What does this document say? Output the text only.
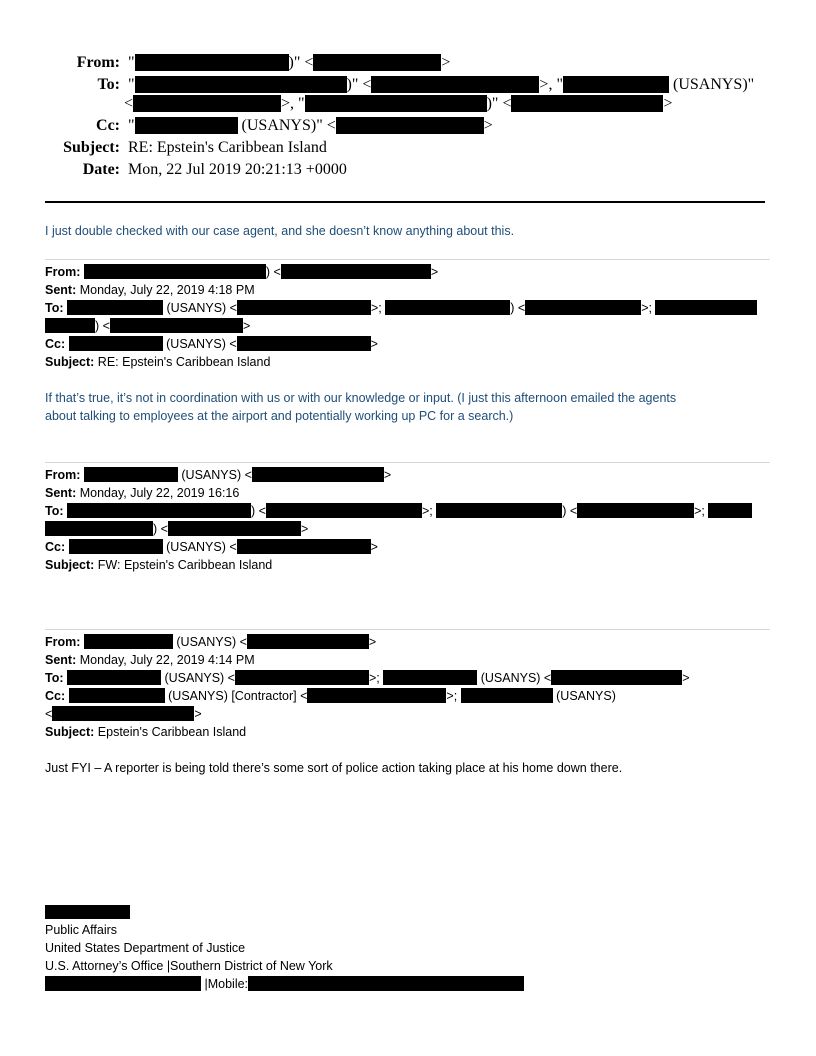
From:  "	)" <	>
To:  "	)" <	>, "	(USANYS)"
<	>, "	)" <	>
Cc:  "	(USANYS)" <	>
Subject: RE: Epstein's Caribbean Island
Date: Mon, 22 Jul 2019 20:21:13 +0000
I just double checked with our case agent, and she doesn’t know anything about this.
From:	) <	>
Sent: Monday, July 22, 2019 4:18 PM
To:	(USANYS) <	>;	) <	>;
) <	>
Cc:	(USANYS) <	>
Subject: RE: Epstein's Caribbean Island
If that’s true, it’s not in coordination with us or with our knowledge or input. (I just this afternoon emailed the agents
about talking to employees at the airport and potentially working up PC for a search.)
From:	(USANYS) <	>
Sent: Monday, July 22, 2019 16:16
To:	) <	>;	) <	>;
) <	>
Cc:	(USANYS) <	>
Subject: FW: Epstein's Caribbean Island
From:	(USANYS) <	>
Sent: Monday, July 22, 2019 4:14 PM
To:	(USANYS) <	>;	(USANYS) <	>
Cc:	(USANYS) [Contractor] <	>;	(USANYS)
<	>
Subject: Epstein's Caribbean Island
Just FYI – A reporter is being told there’s some sort of police action taking place at his home down there.
Public Affairs
United States Department of Justice
U.S. Attorney’s Office |Southern District of New York
|Mobile:
